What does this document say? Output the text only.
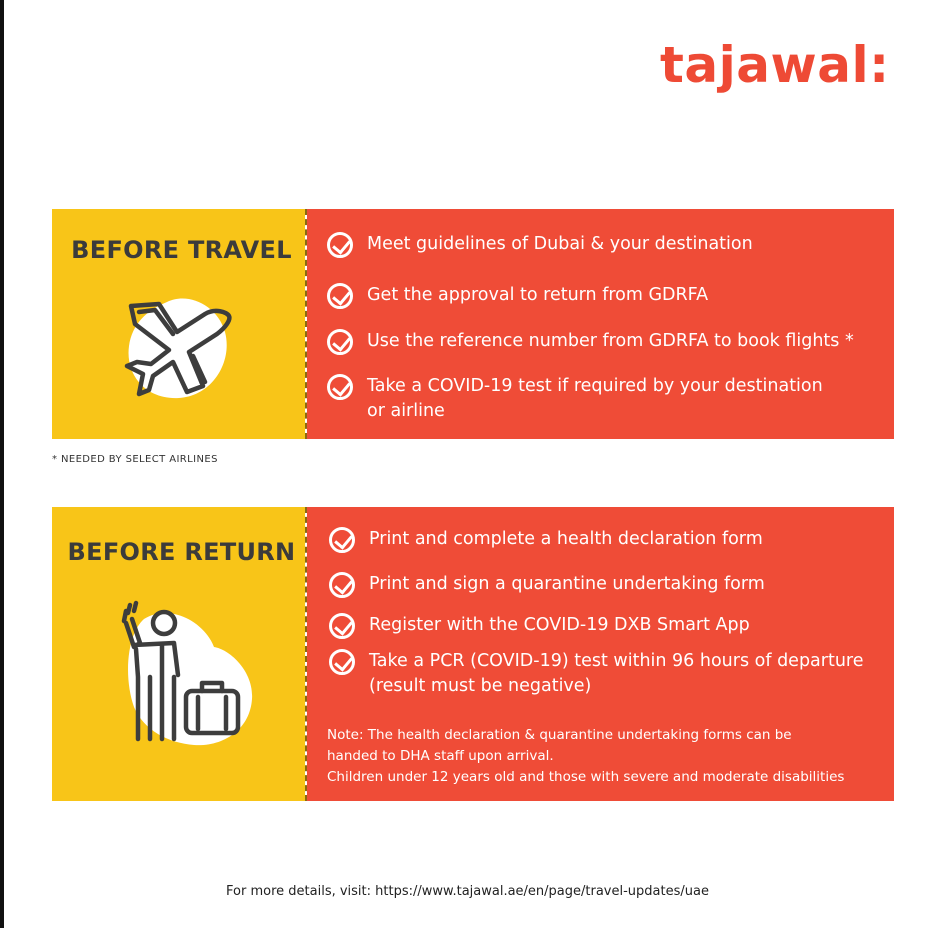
tajawal:
BEFORE TRAVEL	Meet guidelines of Dubai & your destination
Get the approval to return from GDRFA
Use the reference number from GDRFA to book flights *
Take a COVID-19 test if required by your destination
or airline
* NEEDED BY SELECT AIRLINES
BEFORE RETURN	Print and complete a health declaration form
Print and sign a quarantine undertaking form
Register with the COVID-19 DXB Smart App
Take a PCR (COVID-19) test within 96 hours of departure
(result must be negative)
Note: The health declaration & quarantine undertaking forms can be
handed to DHA staff upon arrival.
Children under 12 years old and those with severe and moderate disabilities
For more details, visit: https://www.tajawal.ae/en/page/travel-updates/uae
